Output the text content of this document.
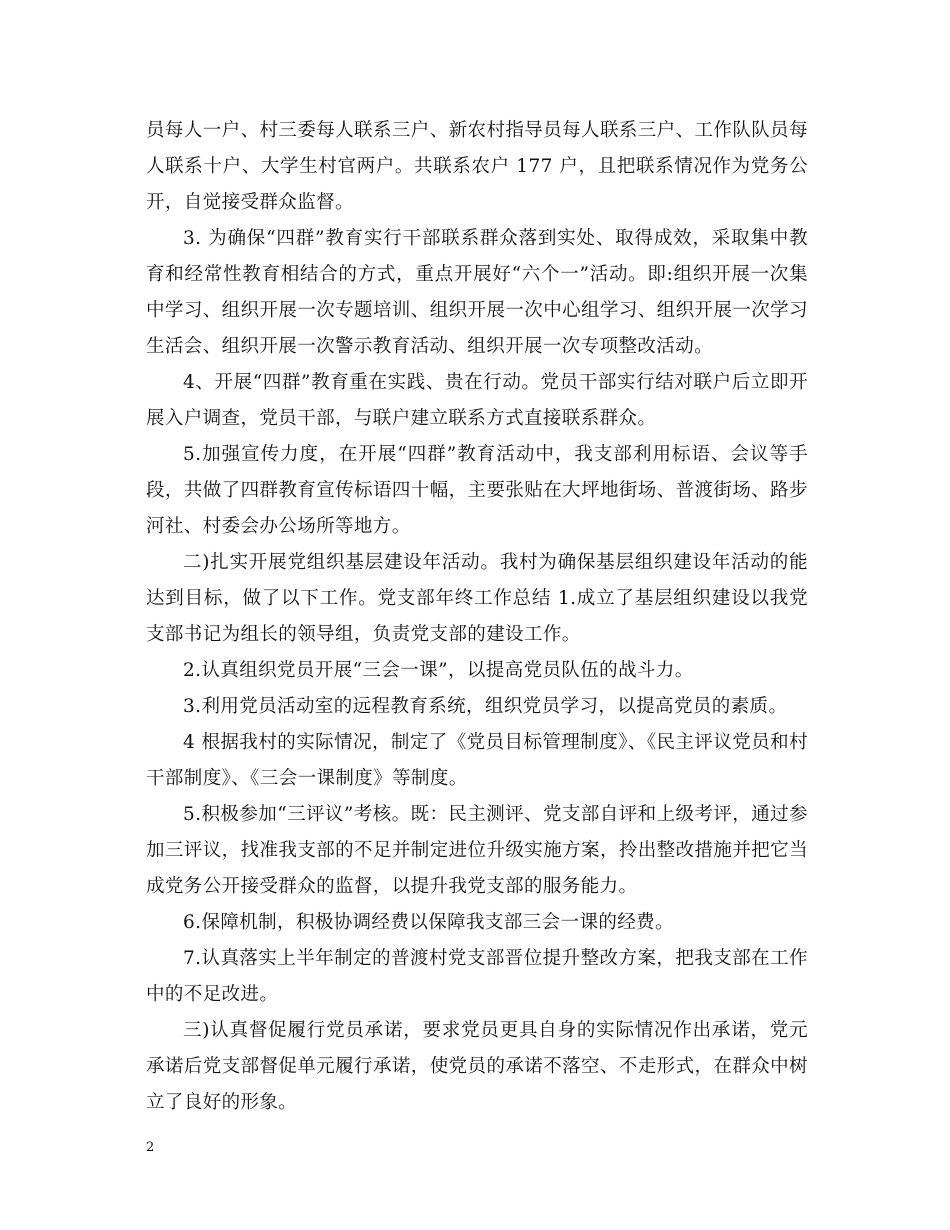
员每人一户、村三委每人联系三户、新农村指导员每人联系三户、工作队队员每人联系十户、大学生村官两户。共联系农户 177 户，且把联系情况作为党务公开，自觉接受群众监督。

3. 为确保“四群”教育实行干部联系群众落到实处、取得成效，采取集中教育和经常性教育相结合的方式，重点开展好“六个一”活动。即:组织开展一次集中学习、组织开展一次专题培训、组织开展一次中心组学习、组织开展一次学习生活会、组织开展一次警示教育活动、组织开展一次专项整改活动。

4、开展“四群”教育重在实践、贵在行动。党员干部实行结对联户后立即开展入户调查，党员干部，与联户建立联系方式直接联系群众。

5.加强宣传力度，在开展“四群”教育活动中，我支部利用标语、会议等手段，共做了四群教育宣传标语四十幅，主要张贴在大坪地街场、普渡街场、路步河社、村委会办公场所等地方。

二)扎实开展党组织基层建设年活动。我村为确保基层组织建设年活动的能达到目标，做了以下工作。党支部年终工作总结 1.成立了基层组织建设以我党支部书记为组长的领导组，负责党支部的建设工作。

2.认真组织党员开展“三会一课”，以提高党员队伍的战斗力。

3.利用党员活动室的远程教育系统，组织党员学习，以提高党员的素质。

4 根据我村的实际情况，制定了《党员目标管理制度》、《民主评议党员和村干部制度》、《三会一课制度》等制度。

5.积极参加“三评议”考核。既：民主测评、党支部自评和上级考评，通过参加三评议，找准我支部的不足并制定进位升级实施方案，拎出整改措施并把它当成党务公开接受群众的监督，以提升我党支部的服务能力。

6.保障机制，积极协调经费以保障我支部三会一课的经费。

7.认真落实上半年制定的普渡村党支部晋位提升整改方案，把我支部在工作中的不足改进。

三)认真督促履行党员承诺，要求党员更具自身的实际情况作出承诺，党元承诺后党支部督促单元履行承诺，使党员的承诺不落空、不走形式，在群众中树立了良好的形象。

2
